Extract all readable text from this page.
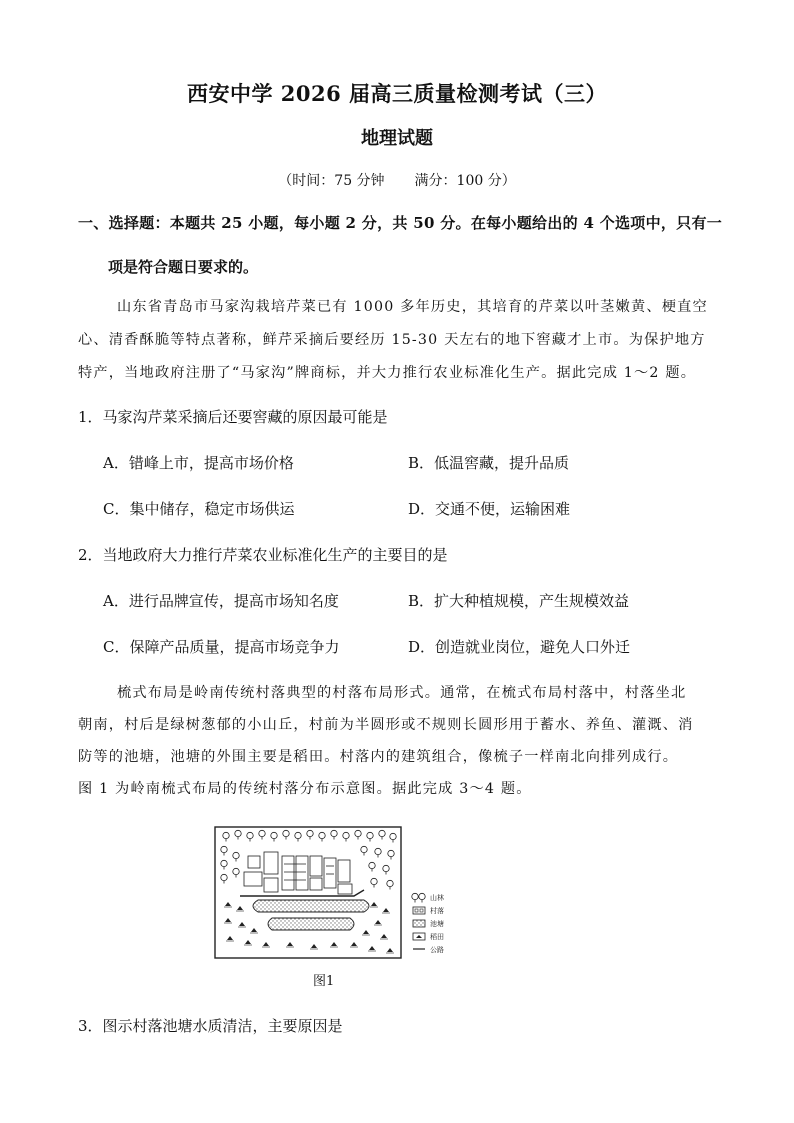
西安中学 2026 届高三质量检测考试（三）
地理试题
（时间：75 分钟 满分：100 分）
一、选择题：本题共 25 小题，每小题 2 分，共 50 分。在每小题给出的 4 个选项中，只有一
项是符合题日要求的。
山东省青岛市马家沟栽培芹菜已有 1000 多年历史，其培育的芹菜以叶茎嫩黄、梗直空
心、清香酥脆等特点著称，鲜芹采摘后要经历 15-30 天左右的地下窖藏才上市。为保护地方
特产，当地政府注册了“马家沟”牌商标，并大力推行农业标准化生产。据此完成 1～2 题。
1．马家沟芹菜采摘后还要窖藏的原因最可能是
A．错峰上市，提高市场价格	B．低温窖藏，提升品质
C．集中储存，稳定市场供运	D．交通不便，运输困难
2．当地政府大力推行芹菜农业标准化生产的主要目的是
A．进行品牌宣传，提高市场知名度	B．扩大种植规模，产生规模效益
C．保障产品质量，提高市场竞争力	D．创造就业岗位，避免人口外迁
梳式布局是岭南传统村落典型的村落布局形式。通常，在梳式布局村落中，村落坐北
朝南，村后是绿树葱郁的小山丘，村前为半圆形或不规则长圆形用于蓄水、养鱼、灌溉、消
防等的池塘，池塘的外围主要是稻田。村落内的建筑组合，像梳子一样南北向排列成行。
图 1 为岭南梳式布局的传统村落分布示意图。据此完成 3～4 题。
山林
村落
池塘
稻田
公路
图1
3．图示村落池塘水质清洁，主要原因是
